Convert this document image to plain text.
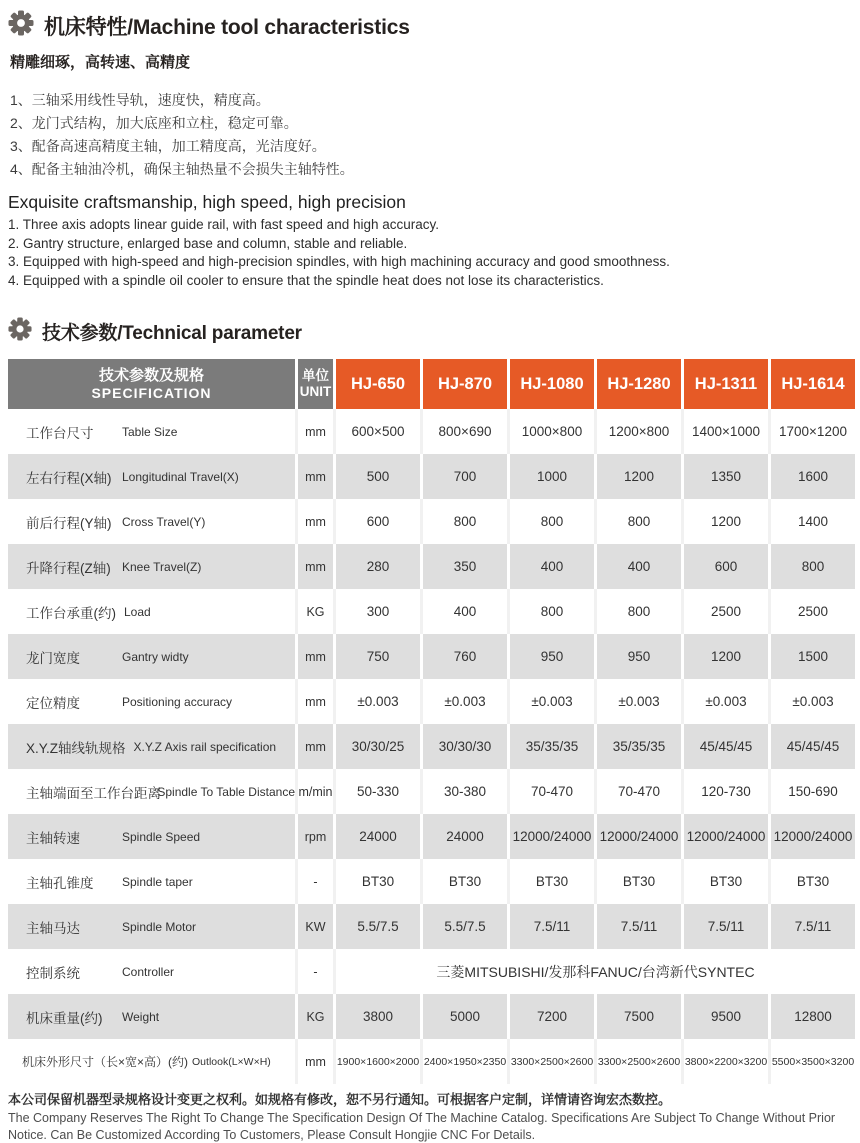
机床特性/Machine tool characteristics
精雕细琢，高转速、高精度
1、三轴采用线性导轨，速度快，精度高。
2、龙门式结构，加大底座和立柱，稳定可靠。
3、配备高速高精度主轴，加工精度高，光洁度好。
4、配备主轴油冷机，确保主轴热量不会损失主轴特性。
Exquisite craftsmanship, high speed, high precision
1. Three axis adopts linear guide rail, with fast speed and high accuracy.
2. Gantry structure, enlarged base and column, stable and reliable.
3. Equipped with high-speed and high-precision spindles, with high machining accuracy and good smoothness.
4. Equipped with a spindle oil cooler to ensure that the spindle heat does not lose its characteristics.
技术参数/Technical parameter
技术参数及规格
SPECIFICATION	单位 UNIT	HJ-650	HJ-870	HJ-1080	HJ-1280	HJ-1311	HJ-1614

工作台尺寸 Table Size	mm	600×500	800×690	1000×800	1200×800	1400×1000	1700×1200

左右行程(X轴) Longitudinal Travel(X)	mm	500	700	1000	1200	1350	1600

前后行程(Y轴) Cross Travel(Y)	mm	600	800	800	800	1200	1400

升降行程(Z轴) Knee Travel(Z)	mm	280	350	400	400	600	800

工作台承重(约) Load	KG	300	400	800	800	2500	2500

龙门宽度 Gantry widty	mm	750	760	950	950	1200	1500

定位精度 Positioning accuracy	mm	±0.003	±0.003	±0.003	±0.003	±0.003	±0.003

X.Y.Z轴线轨规格 X.Y.Z Axis rail specification	mm	30/30/25	30/30/30	35/35/35	35/35/35	45/45/45	45/45/45

主轴端面至工作台距离
Spindle To Table Distance	m/min	50-330	30-380	70-470	70-470	120-730	150-690

主轴转速 Spindle Speed	rpm	24000	24000	12000/24000	12000/24000	12000/24000	12000/24000

主轴孔锥度 Spindle taper	-	BT30	BT30	BT30	BT30	BT30	BT30

主轴马达 Spindle Motor	KW	5.5/7.5	5.5/7.5	7.5/11	7.5/11	7.5/11	7.5/11

控制系统 Controller	-	三菱MITSUBISHI/发那科FANUC/台湾新代SYNTEC					

机床重量(约) Weight	KG	3800	5000	7200	7500	9500	12800

机床外形尺寸（长×宽×高）(约) Outlook(L×W×H)	mm	1900×1600×2000	2400×1950×2350	3300×2500×2600	3300×2500×2600	3800×2200×3200	5500×3500×3200
本公司保留机器型录规格设计变更之权利。如规格有修改，恕不另行通知。可根据客户定制，详情请咨询宏杰数控。
The Company Reserves The Right To Change The Specification Design Of The Machine Catalog. Specifications Are Subject To Change Without Prior Notice. Can Be Customized According To Customers, Please Consult Hongjie CNC For Details.
